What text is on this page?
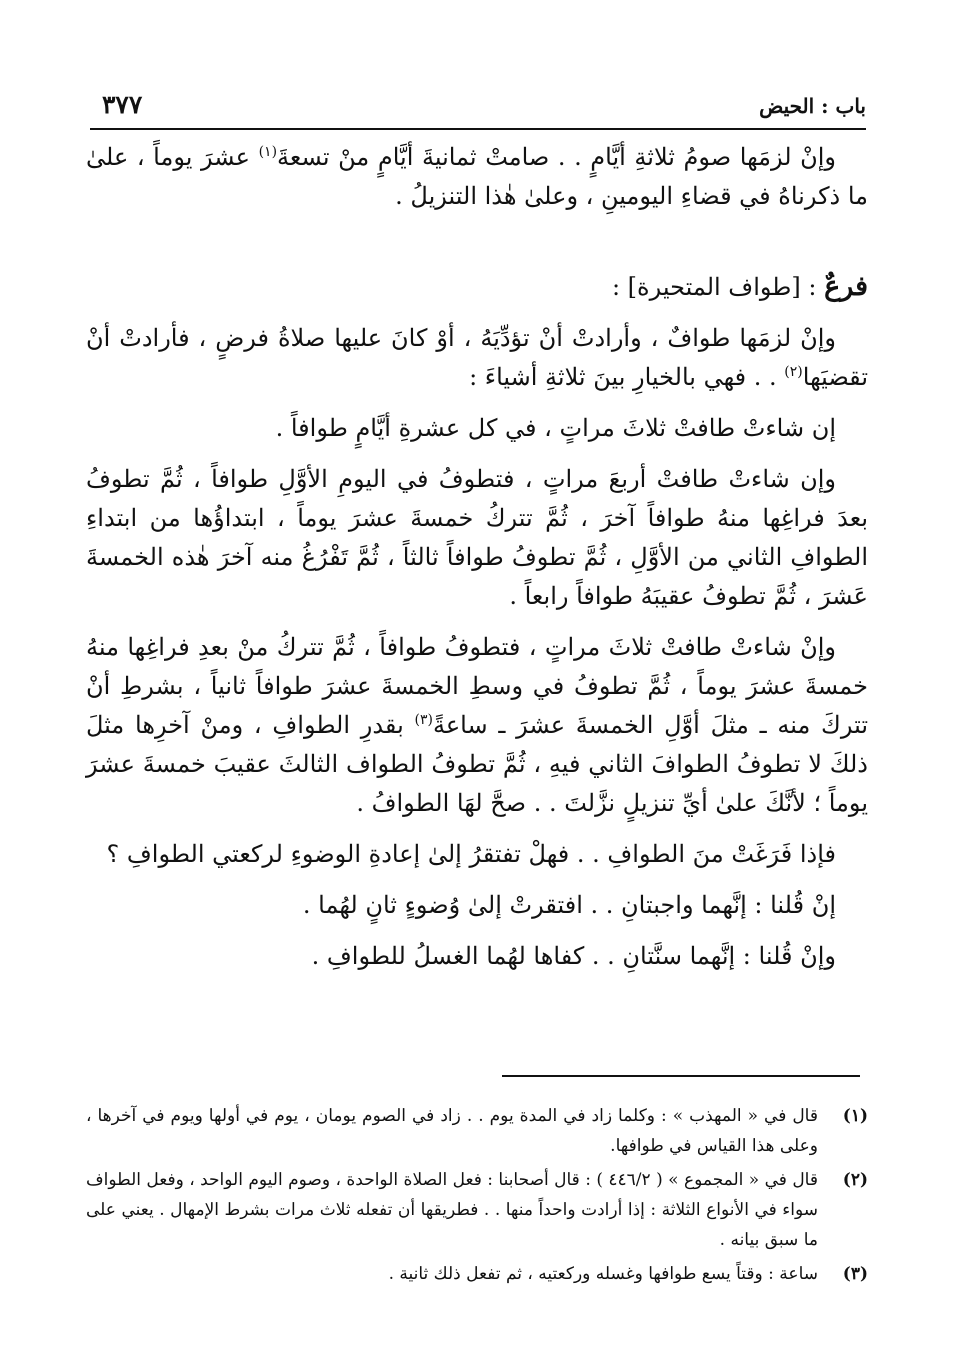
باب : الحيض
٣٧٧

وإنْ لزمَها صومُ ثلاثةِ أيَّامٍ . . صامتْ ثمانيةَ أيَّامٍ منْ تسعةَ$^{(١)}$ عشرَ يوماً ، علىٰ ما ذكرناهُ في قضاءِ اليومينِ ، وعلىٰ هٰذا التنزيلُ .

فرعٌ : [طواف المتحيرة] :

وإنْ لزمَها طوافٌ ، وأرادتْ أنْ تؤدِّيَهُ ، أوْ كانَ عليها صلاةُ فرضٍ ، فأرادتْ أنْ تقضيَها$^{(٢)}$ . . فهي بالخيارِ بينَ ثلاثةِ أشياءَ :

إن شاءتْ طافتْ ثلاثَ مراتٍ ، في كل عشرةِ أيَّامٍ طوافاً .

وإن شاءتْ طافتْ أربعَ مراتٍ ، فتطوفُ في اليومِ الأوَّلِ طوافاً ، ثُمَّ تطوفُ بعدَ فراغِها منهُ طوافاً آخرَ ، ثُمَّ تتركُ خمسةَ عشرَ يوماً ، ابتداؤُها من ابتداءِ الطوافِ الثاني من الأوَّلِ ، ثُمَّ تطوفُ طوافاً ثالثاً ، ثُمَّ تَفْرُغُ منه آخرَ هٰذه الخمسةَ عَشرَ ، ثُمَّ تطوفُ عقيبَهُ طوافاً رابعاً .

وإنْ شاءتْ طافتْ ثلاثَ مراتٍ ، فتطوفُ طوافاً ، ثُمَّ تتركُ منْ بعدِ فراغِها منهُ خمسةَ عشرَ يوماً ، ثُمَّ تطوفُ في وسطِ الخمسةَ عشرَ طوافاً ثانياً ، بشرطِ أنْ تتركَ منه ـ مثلَ أوَّلِ الخمسةَ عشرَ ـ ساعةً$^{(٣)}$ بقدرِ الطوافِ ، ومنْ آخرِها مثلَ ذلكَ لا تطوفُ الطوافَ الثاني فيهِ ، ثُمَّ تطوفُ الطواف الثالثَ عقيبَ خمسةَ عشرَ يوماً ؛ لأنَّكَ علىٰ أيِّ تنزيلٍ نزَّلتَ . . صحَّ لهَا الطوافُ .

فإذا فَرَغَتْ منَ الطوافِ . . فهلْ تفتقرُ إلىٰ إعادةِ الوضوءِ لركعتي الطوافِ ؟

إنْ قُلنا : إنَّهما واجبتانِ . . افتقرتْ إلىٰ وُضوءٍ ثانٍ لهُما .

وإنْ قُلنا : إنَّهما سنَّتانِ . . كفاها لهُما الغسلُ للطوافِ .

(١)
قال في « المهذب » : وكلما زاد في المدة يوم . . زاد في الصوم يومان ، يوم في أولها ويوم في آخرها ، وعلى هذا القياس في طوافها.
(٢)
قال في « المجموع » ( ٤٤٦/٢ ) : قال أصحابنا : فعل الصلاة الواحدة ، وصوم اليوم الواحد ، وفعل الطواف سواء في الأنواع الثلاثة : إذا أرادت واحداً منها . . فطريقها أن تفعله ثلاث مرات بشرط الإمهال . يعني على ما سبق بيانه .
(٣)
ساعة : وقتاً يسع طوافها وغسله وركعتيه ، ثم تفعل ذلك ثانية .
